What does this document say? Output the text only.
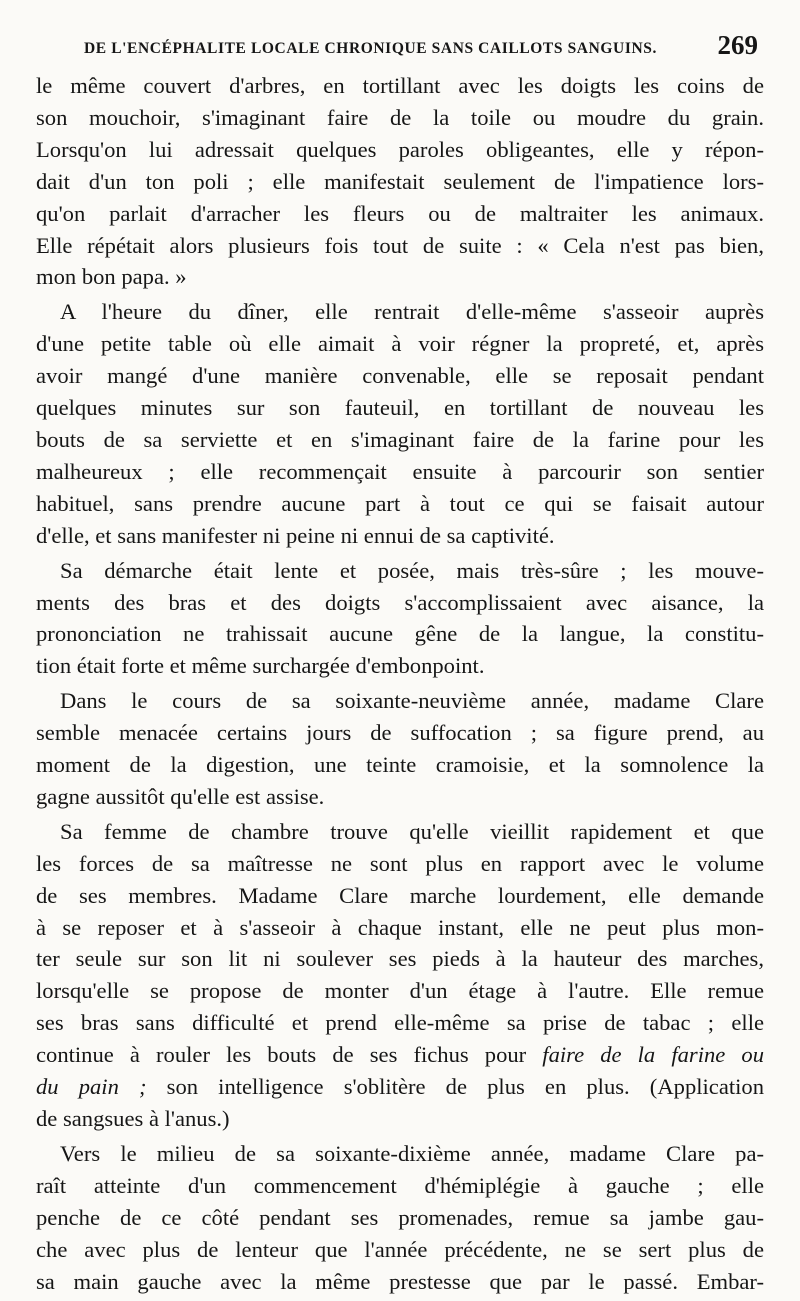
DE L'ENCÉPHALITE LOCALE CHRONIQUE SANS CAILLOTS SANGUINS. 269
le même couvert d'arbres, en tortillant avec les doigts les coins de
son mouchoir, s'imaginant faire de la toile ou moudre du grain.
Lorsqu'on lui adressait quelques paroles obligeantes, elle y répon-
dait d'un ton poli ; elle manifestait seulement de l'impatience lors-
qu'on parlait d'arracher les fleurs ou de maltraiter les animaux.
Elle répétait alors plusieurs fois tout de suite : « Cela n'est pas bien,
mon bon papa. »
A l'heure du dîner, elle rentrait d'elle-même s'asseoir auprès
d'une petite table où elle aimait à voir régner la propreté, et, après
avoir mangé d'une manière convenable, elle se reposait pendant
quelques minutes sur son fauteuil, en tortillant de nouveau les
bouts de sa serviette et en s'imaginant faire de la farine pour les
malheureux ; elle recommençait ensuite à parcourir son sentier
habituel, sans prendre aucune part à tout ce qui se faisait autour
d'elle, et sans manifester ni peine ni ennui de sa captivité.
Sa démarche était lente et posée, mais très-sûre ; les mouve-
ments des bras et des doigts s'accomplissaient avec aisance, la
prononciation ne trahissait aucune gêne de la langue, la constitu-
tion était forte et même surchargée d'embonpoint.
Dans le cours de sa soixante-neuvième année, madame Clare
semble menacée certains jours de suffocation ; sa figure prend, au
moment de la digestion, une teinte cramoisie, et la somnolence la
gagne aussitôt qu'elle est assise.
Sa femme de chambre trouve qu'elle vieillit rapidement et que
les forces de sa maîtresse ne sont plus en rapport avec le volume
de ses membres. Madame Clare marche lourdement, elle demande
à se reposer et à s'asseoir à chaque instant, elle ne peut plus mon-
ter seule sur son lit ni soulever ses pieds à la hauteur des marches,
lorsqu'elle se propose de monter d'un étage à l'autre. Elle remue
ses bras sans difficulté et prend elle-même sa prise de tabac ; elle
continue à rouler les bouts de ses fichus pour faire de la farine ou
du pain ; son intelligence s'oblitère de plus en plus. (Application
de sangsues à l'anus.)
Vers le milieu de sa soixante-dixième année, madame Clare pa-
raît atteinte d'un commencement d'hémiplégie à gauche ; elle
penche de ce côté pendant ses promenades, remue sa jambe gau-
che avec plus de lenteur que l'année précédente, ne se sert plus de
sa main gauche avec la même prestesse que par le passé. Embar-
